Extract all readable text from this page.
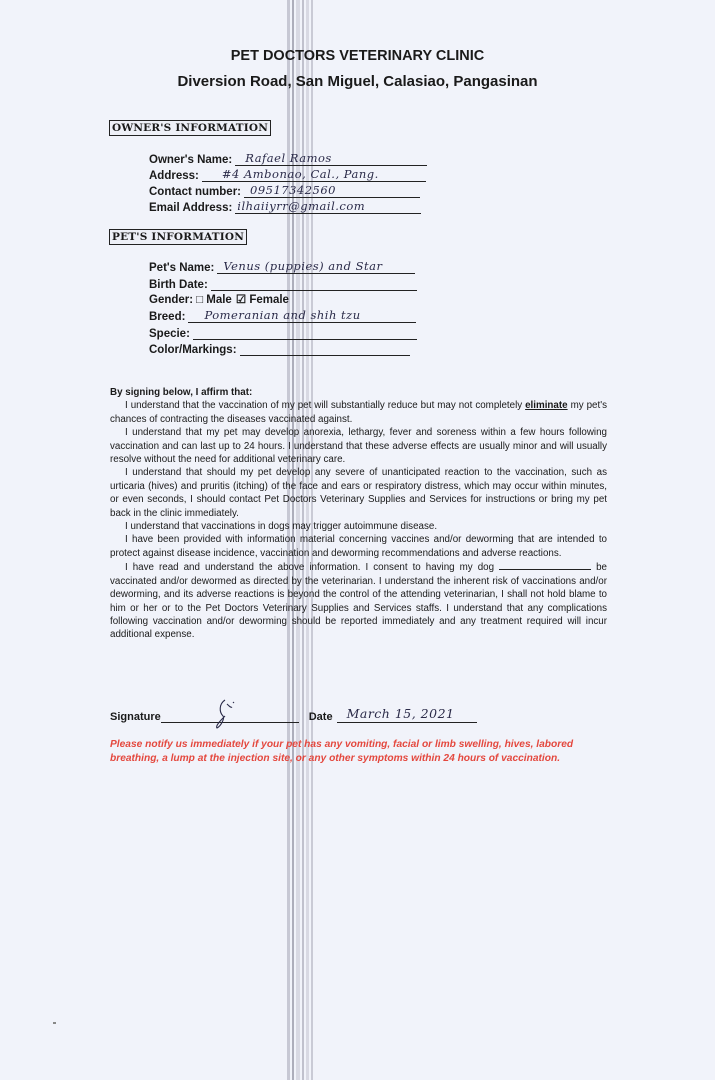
PET DOCTORS VETERINARY CLINIC
Diversion Road, San Miguel, Calasiao, Pangasinan
OWNER'S INFORMATION
Owner's Name: Rafael Ramos
Address: #4 Ambonao, Cal., Pang.
Contact number: 09517342560
Email Address: ilhaiiyrr@gmail.com
PET'S INFORMATION
Pet's Name: Venus (puppies) and Star
Birth Date:
Gender: □ Male ☑ Female
Breed: Pomeranian and shih tzu
Specie:
Color/Markings:

By signing below, I affirm that:

I understand that the vaccination of my pet will substantially reduce but may not completely eliminate my pet's chances of contracting the diseases vaccinated against.

I understand that my pet may develop anorexia, lethargy, fever and soreness within a few hours following vaccination and can last up to 24 hours. I understand that these adverse effects are usually minor and will usually resolve without the need for additional veterinary care.

I understand that should my pet develop any severe of unanticipated reaction to the vaccination, such as urticaria (hives) and pruritis (itching) of the face and ears or respiratory distress, which may occur within minutes, or even seconds, I should contact Pet Doctors Veterinary Supplies and Services for instructions or bring my pet back in the clinic immediately.

I understand that vaccinations in dogs may trigger autoimmune disease.

I have been provided with information material concerning vaccines and/or deworming that are intended to protect against disease incidence, vaccination and deworming recommendations and adverse reactions.

I have read and understand the above information. I consent to having my dog	be vaccinated and/or dewormed as directed by the veterinarian. I understand the inherent risk of vaccinations and/or deworming, and its adverse reactions is beyond the control of the attending veterinarian, I shall not hold blame to him or her or to the Pet Doctors Veterinary Supplies and Services staffs. I understand that any complications following vaccination and/or deworming should be reported immediately and any treatment required will incur additional expense.

Signature	Date March 15, 2021
Please notify us immediately if your pet has any vomiting, facial or limb swelling, hives, labored breathing, a lump at the injection site, or any other symptoms within 24 hours of vaccination.
